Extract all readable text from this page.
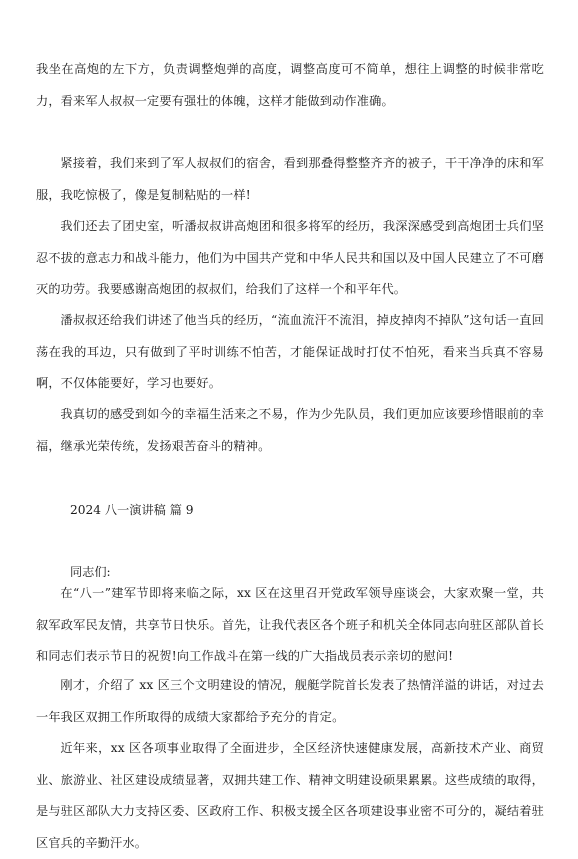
我坐在高炮的左下方，负责调整炮弹的高度，调整高度可不简单，想往上调整的时候非常吃力，看来军人叔叔一定要有强壮的体魄，这样才能做到动作准确。

紧接着，我们来到了军人叔叔们的宿舍，看到那叠得整整齐齐的被子，干干净净的床和军服，我吃惊极了，像是复制粘贴的一样!

我们还去了团史室，听潘叔叔讲高炮团和很多将军的经历，我深深感受到高炮团士兵们坚忍不拔的意志力和战斗能力，他们为中国共产党和中华人民共和国以及中国人民建立了不可磨灭的功劳。我要感谢高炮团的叔叔们，给我们了这样一个和平年代。

潘叔叔还给我们讲述了他当兵的经历，“流血流汗不流泪，掉皮掉肉不掉队”这句话一直回荡在我的耳边，只有做到了平时训练不怕苦，才能保证战时打仗不怕死，看来当兵真不容易啊，不仅体能要好，学习也要好。

我真切的感受到如今的幸福生活来之不易，作为少先队员，我们更加应该要珍惜眼前的幸福，继承光荣传统，发扬艰苦奋斗的精神。

2024 八一演讲稿 篇 9

同志们:

在“八一”建军节即将来临之际，xx 区在这里召开党政军领导座谈会，大家欢聚一堂，共叙军政军民友情，共享节日快乐。首先，让我代表区各个班子和机关全体同志向驻区部队首长和同志们表示节日的祝贺!向工作战斗在第一线的广大指战员表示亲切的慰问!

刚才，介绍了 xx 区三个文明建设的情况，舰艇学院首长发表了热情洋溢的讲话，对过去一年我区双拥工作所取得的成绩大家都给予充分的肯定。

近年来，xx 区各项事业取得了全面进步，全区经济快速健康发展，高新技术产业、商贸业、旅游业、社区建设成绩显著，双拥共建工作、精神文明建设硕果累累。这些成绩的取得，是与驻区部队大力支持区委、区政府工作、积极支援全区各项建设事业密不可分的，凝结着驻区官兵的辛勤汗水。
